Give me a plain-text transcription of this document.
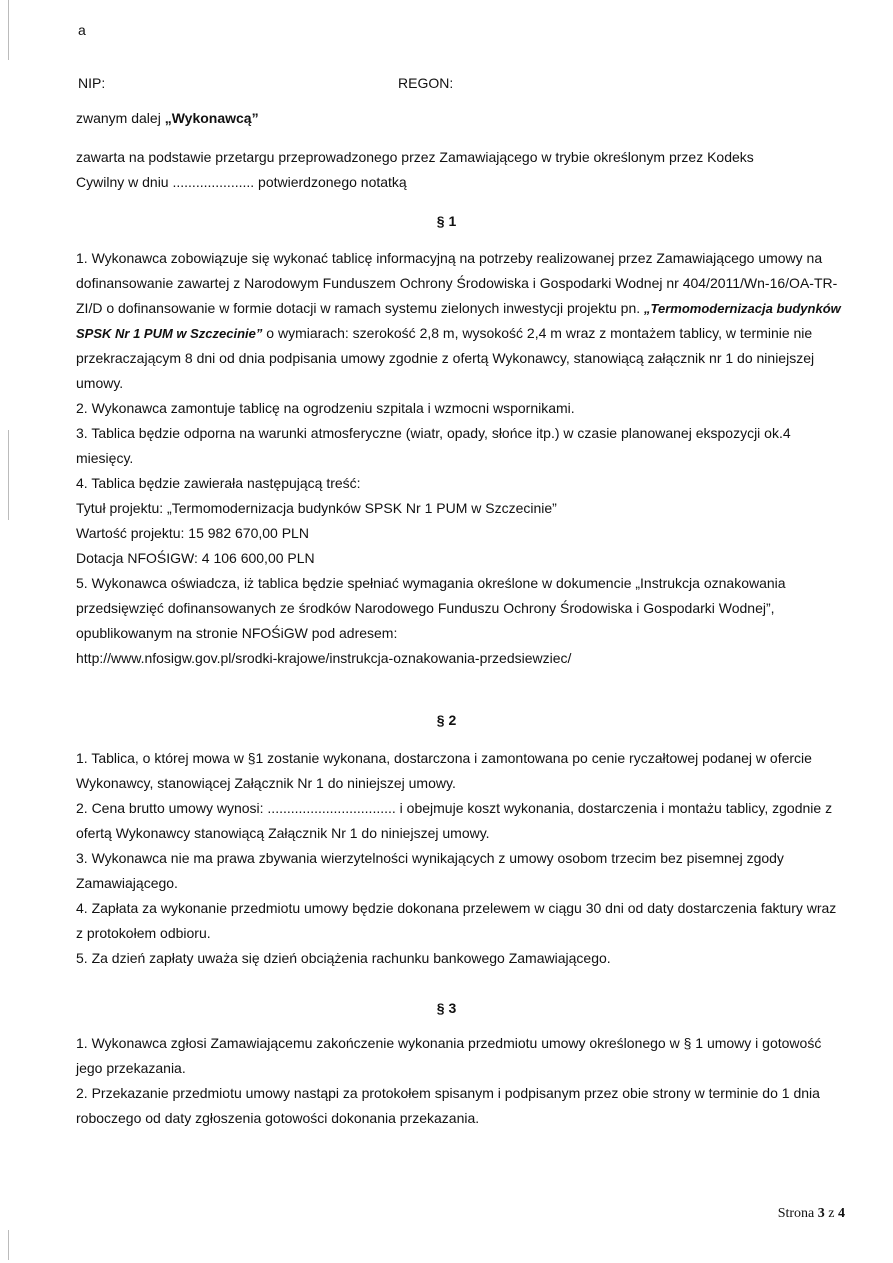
a
NIP:	REGON:

zwanym dalej „Wykonawcą”

zawarta na podstawie przetargu przeprowadzonego przez Zamawiającego w trybie określonym przez Kodeks

Cywilny w dniu ..................... potwierdzonego notatką

§ 1

1. Wykonawca zobowiązuje się wykonać tablicę informacyjną na potrzeby realizowanej przez Zamawiającego umowy na dofinansowanie zawartej z Narodowym Funduszem Ochrony Środowiska i Gospodarki Wodnej nr 404/2011/Wn-16/OA-TR-ZI/D o dofinansowanie w formie dotacji w ramach systemu zielonych inwestycji projektu pn. „Termomodernizacja budynków SPSK Nr 1 PUM w Szczecinie” o wymiarach: szerokość 2,8 m, wysokość 2,4 m wraz z montażem tablicy, w terminie nie przekraczającym 8 dni od dnia podpisania umowy zgodnie z ofertą Wykonawcy, stanowiącą załącznik nr 1 do niniejszej umowy.

2. Wykonawca zamontuje tablicę na ogrodzeniu szpitala i wzmocni wspornikami.

3. Tablica będzie odporna na warunki atmosferyczne (wiatr, opady, słońce itp.) w czasie planowanej ekspozycji ok.4 miesięcy.

4. Tablica będzie zawierała następującą treść:

Tytuł projektu: „Termomodernizacja budynków SPSK Nr 1 PUM w Szczecinie”

Wartość projektu: 15 982 670,00 PLN

Dotacja NFOŚIGW: 4 106 600,00 PLN

5. Wykonawca oświadcza, iż tablica będzie spełniać wymagania określone w dokumencie „Instrukcja oznakowania przedsięwzięć dofinansowanych ze środków Narodowego Funduszu Ochrony Środowiska i Gospodarki Wodnej”, opublikowanym na stronie NFOŚiGW pod adresem:

http://www.nfosigw.gov.pl/srodki-krajowe/instrukcja-oznakowania-przedsiewziec/

§ 2

1. Tablica, o której mowa w §1 zostanie wykonana, dostarczona i zamontowana po cenie ryczałtowej podanej w ofercie Wykonawcy, stanowiącej Załącznik Nr 1 do niniejszej umowy.

2. Cena brutto umowy wynosi: ................................. i obejmuje koszt wykonania, dostarczenia i montażu tablicy, zgodnie z ofertą Wykonawcy stanowiącą Załącznik Nr 1 do niniejszej umowy.

3. Wykonawca nie ma prawa zbywania wierzytelności wynikających z umowy osobom trzecim bez pisemnej zgody Zamawiającego.

4. Zapłata za wykonanie przedmiotu umowy będzie dokonana przelewem w ciągu 30 dni od daty dostarczenia faktury wraz z protokołem odbioru.

5. Za dzień zapłaty uważa się dzień obciążenia rachunku bankowego Zamawiającego.

§ 3

1. Wykonawca zgłosi Zamawiającemu zakończenie wykonania przedmiotu umowy określonego w § 1 umowy i gotowość jego przekazania.

2. Przekazanie przedmiotu umowy nastąpi za protokołem spisanym i podpisanym przez obie strony w terminie do 1 dnia roboczego od daty zgłoszenia gotowości dokonania przekazania.

Strona 3 z 4
